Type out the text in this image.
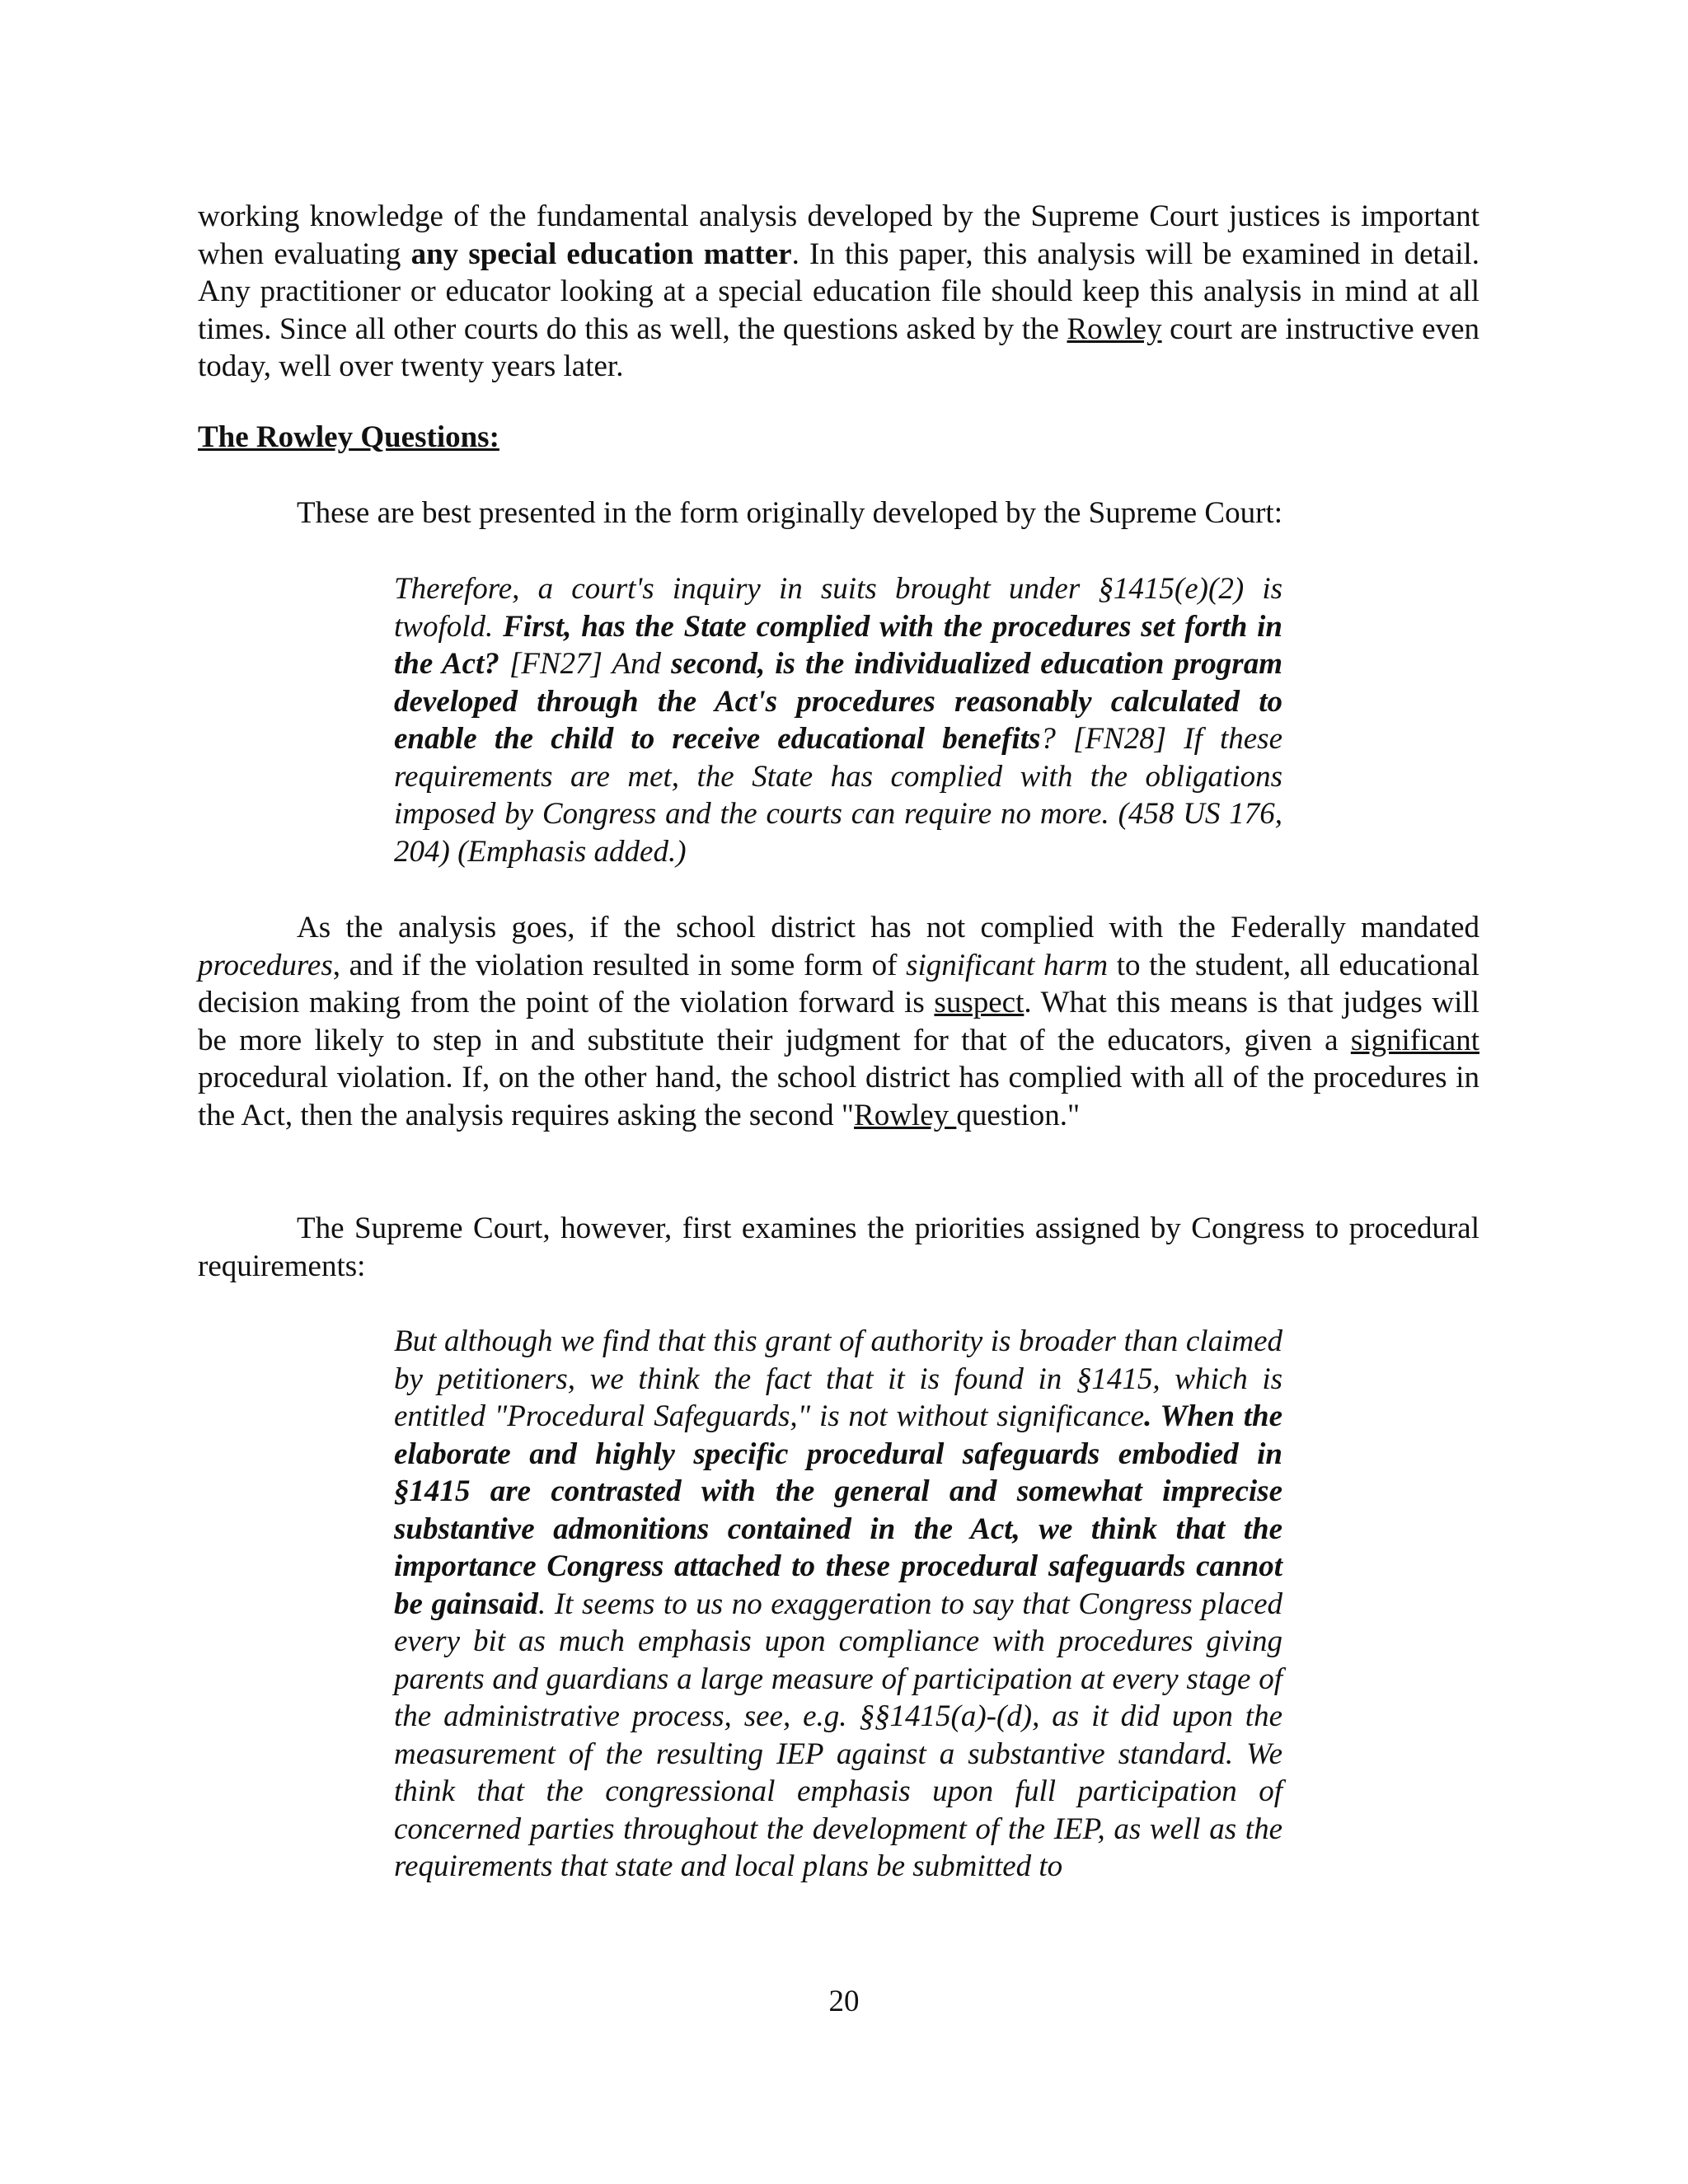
working knowledge of the fundamental analysis developed by the Supreme Court justices is important when evaluating any special education matter. In this paper, this analysis will be examined in detail. Any practitioner or educator looking at a special education file should keep this analysis in mind at all times. Since all other courts do this as well, the questions asked by the Rowley court are instructive even today, well over twenty years later.

The Rowley Questions:

These are best presented in the form originally developed by the Supreme Court:

Therefore, a court's inquiry in suits brought under §1415(e)(2) is twofold. First, has the State complied with the procedures set forth in the Act? [FN27] And second, is the individualized education program developed through the Act's procedures reasonably calculated to enable the child to receive educational benefits? [FN28] If these requirements are met, the State has complied with the obligations imposed by Congress and the courts can require no more. (458 US 176, 204) (Emphasis added.)

As the analysis goes, if the school district has not complied with the Federally mandated procedures, and if the violation resulted in some form of significant harm to the student, all educational decision making from the point of the violation forward is suspect. What this means is that judges will be more likely to step in and substitute their judgment for that of the educators, given a significant procedural violation. If, on the other hand, the school district has complied with all of the procedures in the Act, then the analysis requires asking the second "Rowley question."

The Supreme Court, however, first examines the priorities assigned by Congress to procedural requirements:

But although we find that this grant of authority is broader than claimed by petitioners, we think the fact that it is found in §1415, which is entitled "Procedural Safeguards," is not without significance. When the elaborate and highly specific procedural safeguards embodied in §1415 are contrasted with the general and somewhat imprecise substantive admonitions contained in the Act, we think that the importance Congress attached to these procedural safeguards cannot be gainsaid. It seems to us no exaggeration to say that Congress placed every bit as much emphasis upon compliance with procedures giving parents and guardians a large measure of participation at every stage of the administrative process, see, e.g. §§1415(a)-(d), as it did upon the measurement of the resulting IEP against a substantive standard. We think that the congressional emphasis upon full participation of concerned parties throughout the development of the IEP, as well as the requirements that state and local plans be submitted to

20
